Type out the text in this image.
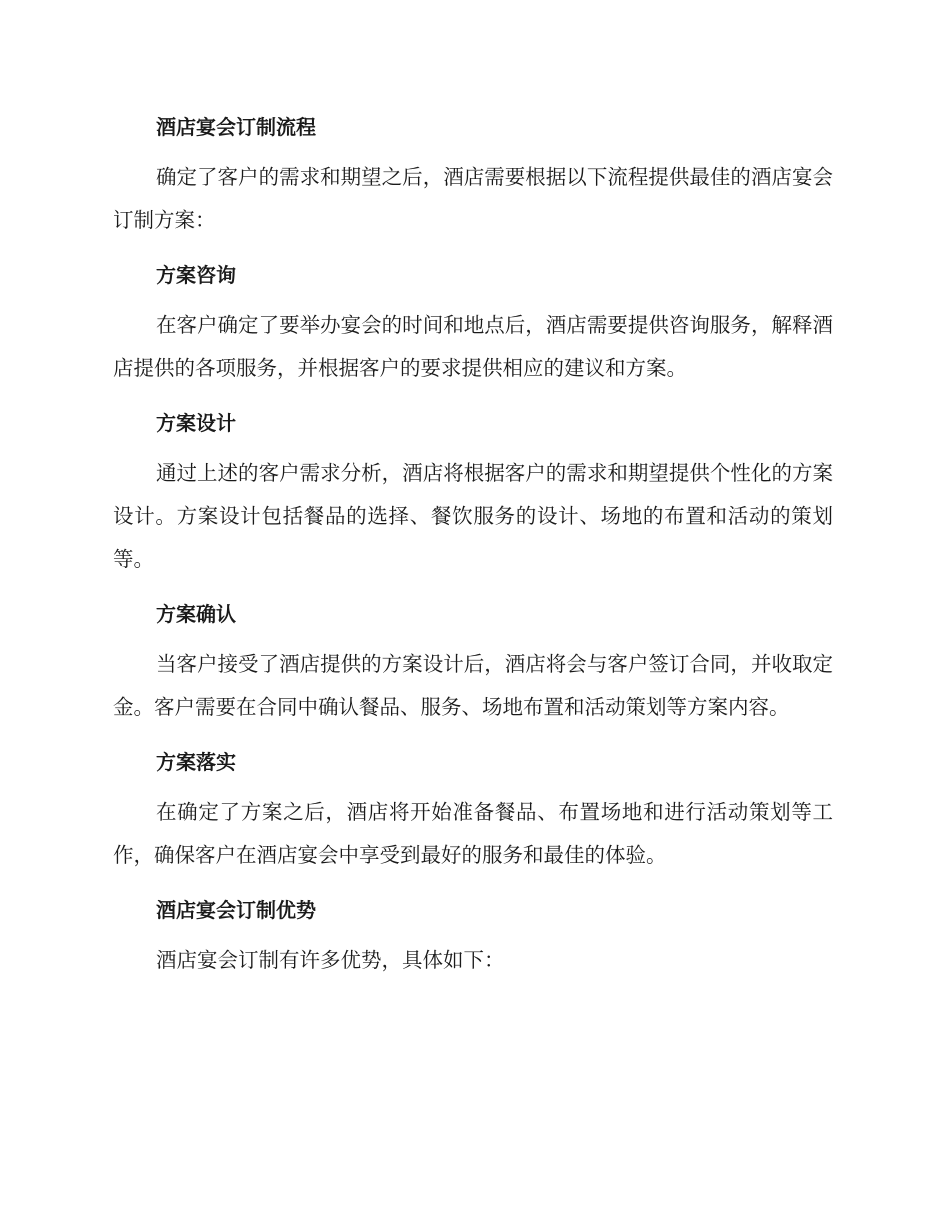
酒店宴会订制流程

确定了客户的需求和期望之后，酒店需要根据以下流程提供最佳的酒店宴会订制方案：

方案咨询

在客户确定了要举办宴会的时间和地点后，酒店需要提供咨询服务，解释酒店提供的各项服务，并根据客户的要求提供相应的建议和方案。

方案设计

通过上述的客户需求分析，酒店将根据客户的需求和期望提供个性化的方案设计。方案设计包括餐品的选择、餐饮服务的设计、场地的布置和活动的策划等。

方案确认

当客户接受了酒店提供的方案设计后，酒店将会与客户签订合同，并收取定金。客户需要在合同中确认餐品、服务、场地布置和活动策划等方案内容。

方案落实

在确定了方案之后，酒店将开始准备餐品、布置场地和进行活动策划等工作，确保客户在酒店宴会中享受到最好的服务和最佳的体验。

酒店宴会订制优势

酒店宴会订制有许多优势，具体如下：
